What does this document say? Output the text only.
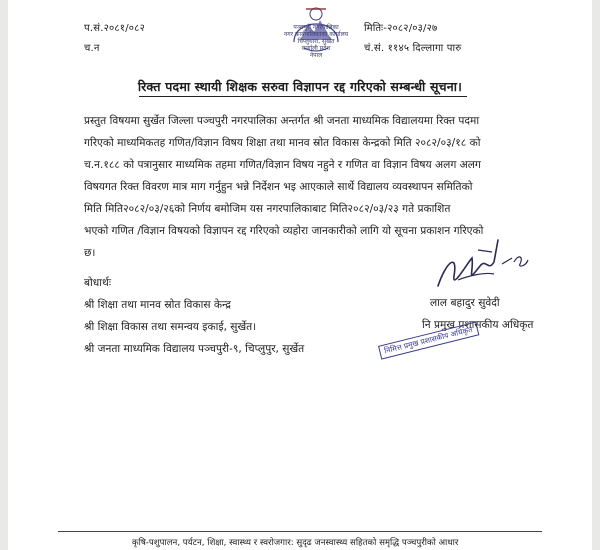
प.सं.२०८१/०८२
च.न
मितिः-२०८२/०३/२७
चं.सं. ११४५ दिल्लागा पारु
पञ्चपुरी नगरपालिका
नगर कार्यपालिकाको कार्यालय
चिप्लुधारा, सुर्खेत
कर्णाली प्रदेश
नेपाल
रिक्त पदमा स्थायी शिक्षक सरुवा विज्ञापन रद्द गरिएको सम्बन्धी सूचना।
प्रस्तुत विषयमा सुर्खेत जिल्ला पञ्चपुरी नगरपालिका अन्तर्गत श्री जनता माध्यमिक विद्यालयमा रिक्त पदमा
गरिएको माध्यमिकतह गणित/विज्ञान विषय शिक्षा तथा मानव स्रोत विकास केन्द्रको मिति २०८२/०३/१८ को
च.न.१८८ को पत्रानुसार माध्यमिक तहमा गणित/विज्ञान विषय नहुने र गणित वा विज्ञान विषय अलग अलग
विषयगत रिक्त विवरण मात्र माग गर्नुहुन भन्ने निर्देशन भइ आएकाले सार्थे विद्यालय व्यवस्थापन समितिको
मिति मिति२०८२/०३/२६को निर्णय बमोजिम यस नगरपालिकाबाट मिति२०८२/०३/२३ गते प्रकाशित
भएको गणित /विज्ञान विषयको विज्ञापन रद्द गरिएको व्यहोरा जानकारीको लागि यो सूचना प्रकाशन गरिएको
छ।
बोधार्थः
श्री शिक्षा तथा मानव स्रोत विकास केन्द्र
श्री शिक्षा विकास तथा समन्वय इकाई, सुर्खेत।
श्री जनता माध्यमिक विद्यालय पञ्चपुरी-९, चिप्लुपुर, सुर्खेत
लाल बहादुर सुवेदी
नि प्रमुख प्रशासकीय अधिकृत
निमित्त प्रमुख प्रशासकीय अधिकृत
कृषि-पशुपालन, पर्यटन, शिक्षा, स्वास्थ्य र स्वरोजगार: सुदृढ जनस्वास्थ्य सहितको समृद्धि पञ्चपुरीको आधार
